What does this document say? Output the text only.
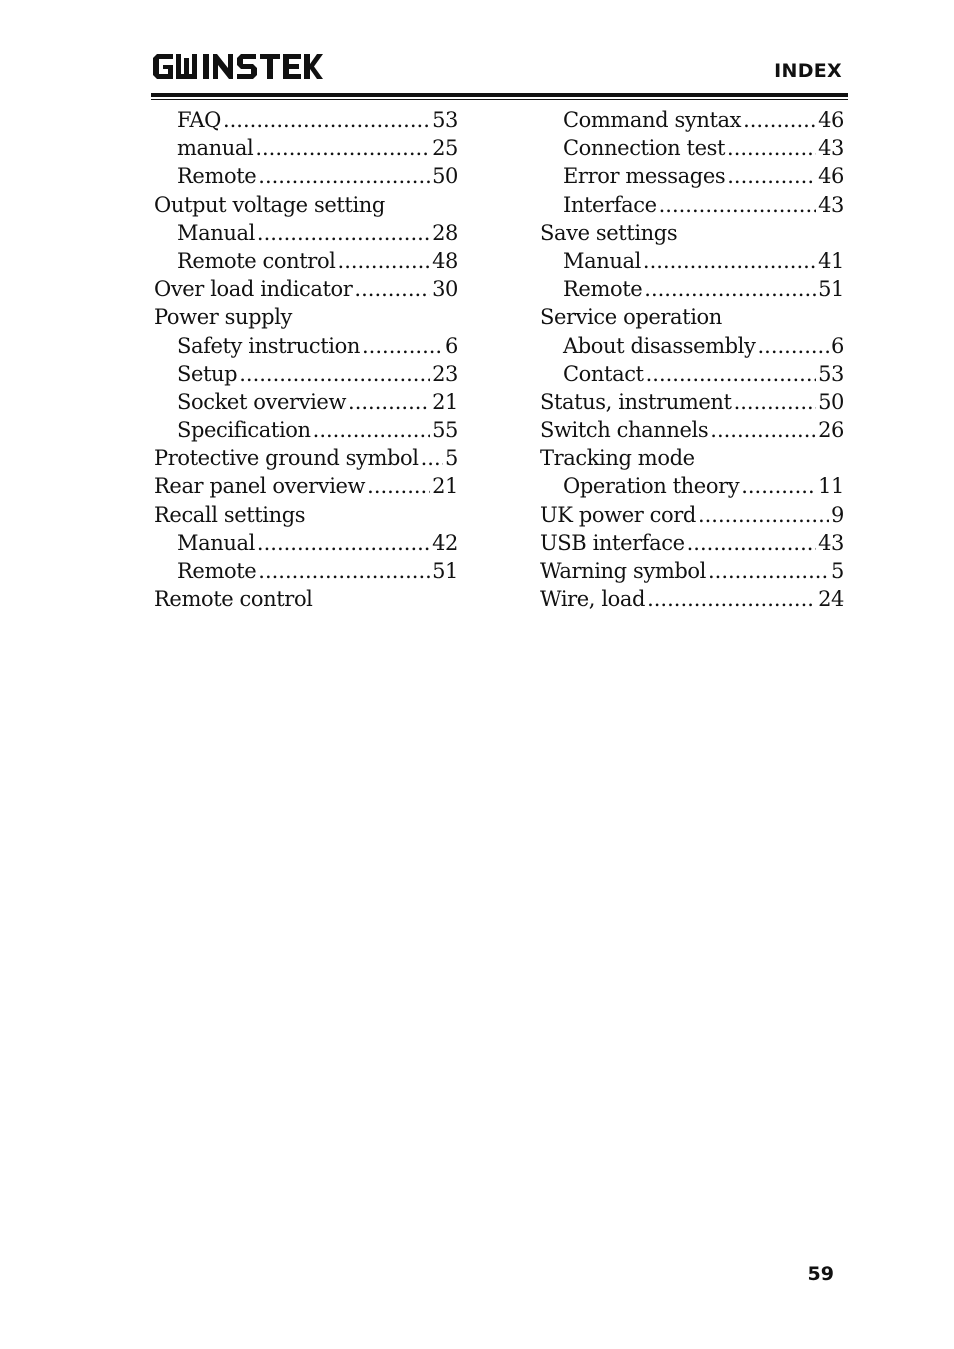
INDEX
FAQ .....	53
manual .....	25
Remote .....	50
Output voltage setting
Manual .....	28
Remote control .....	48
Over load indicator .....	30
Power supply
Safety instruction .....	6
Setup .....	23
Socket overview .....	21
Specification .....	55
Protective ground symbol ..... 5
Rear panel overview .....	21
Recall settings
Manual .....	42
Remote .....	51
Remote control
Command syntax .....	46
Connection test .....	43
Error messages .....	46
Interface .....	43
Save settings
Manual .....	41
Remote .....	51
Service operation
About disassembly .....	6
Contact .....	53
Status, instrument .....	50
Switch channels .....	26
Tracking mode
Operation theory .....	11
UK power cord .....	9
USB interface .....	43
Warning symbol .....	5
Wire, load .....	24
59
